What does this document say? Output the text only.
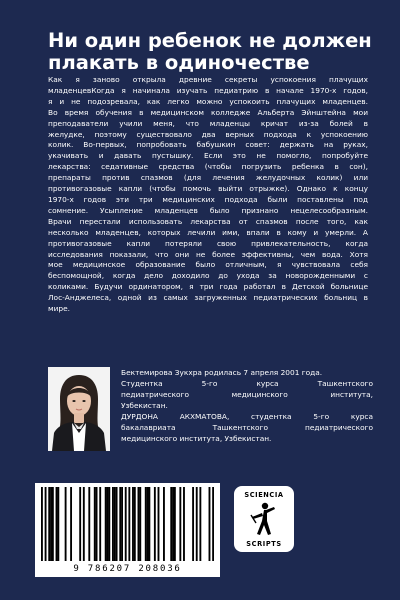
Ни один ребенок не должен
плакать в одиночестве
Как я заново открыла древние секреты успокоения плачущих
младенцевКогда я начинала изучать педиатрию в начале 1970-х годов,
я и не подозревала, как легко можно успокоить плачущих младенцев.
Во время обучения в медицинском колледже Альберта Эйнштейна мои
преподаватели учили меня, что младенцы кричат из-за болей в
желудке, поэтому существовало два верных подхода к успокоению
колик. Во-первых, попробовать бабушкин совет: держать на руках,
укачивать и давать пустышку. Если это не помогло, попробуйте
лекарства: седативные средства (чтобы погрузить ребенка в сон),
препараты против спазмов (для лечения желудочных колик) или
противогазовые капли (чтобы помочь выйти отрыжке). Однако к концу
1970-х годов эти три медицинских подхода были поставлены под
сомнение. Усыпление младенцев было признано нецелесообразным.
Врачи перестали использовать лекарства от спазмов после того, как
несколько младенцев, которых лечили ими, впали в кому и умерли. А
противогазовые капли потеряли свою привлекательность, когда
исследования показали, что они не более эффективны, чем вода. Хотя
мое медицинское образование было отличным, я чувствовала себя
беспомощной, когда дело доходило до ухода за новорожденными с
коликами. Будучи ординатором, я три года работал в Детской больнице
Лос-Анджелеса, одной из самых загруженных педиатрических больниц в
мире.
Бектемирова Зукхра родилась 7 апреля 2001 года.
Студентка 5-го курса Ташкентского
педиатрического медицинского института,
Узбекистан.
ДУРДОНА АКХМАТОВА, студентка 5-го курса
бакалавриата Ташкентского педиатрического
медицинского института, Узбекистан.
9 786207 208036
SCIENCIA
SCRIPTS
